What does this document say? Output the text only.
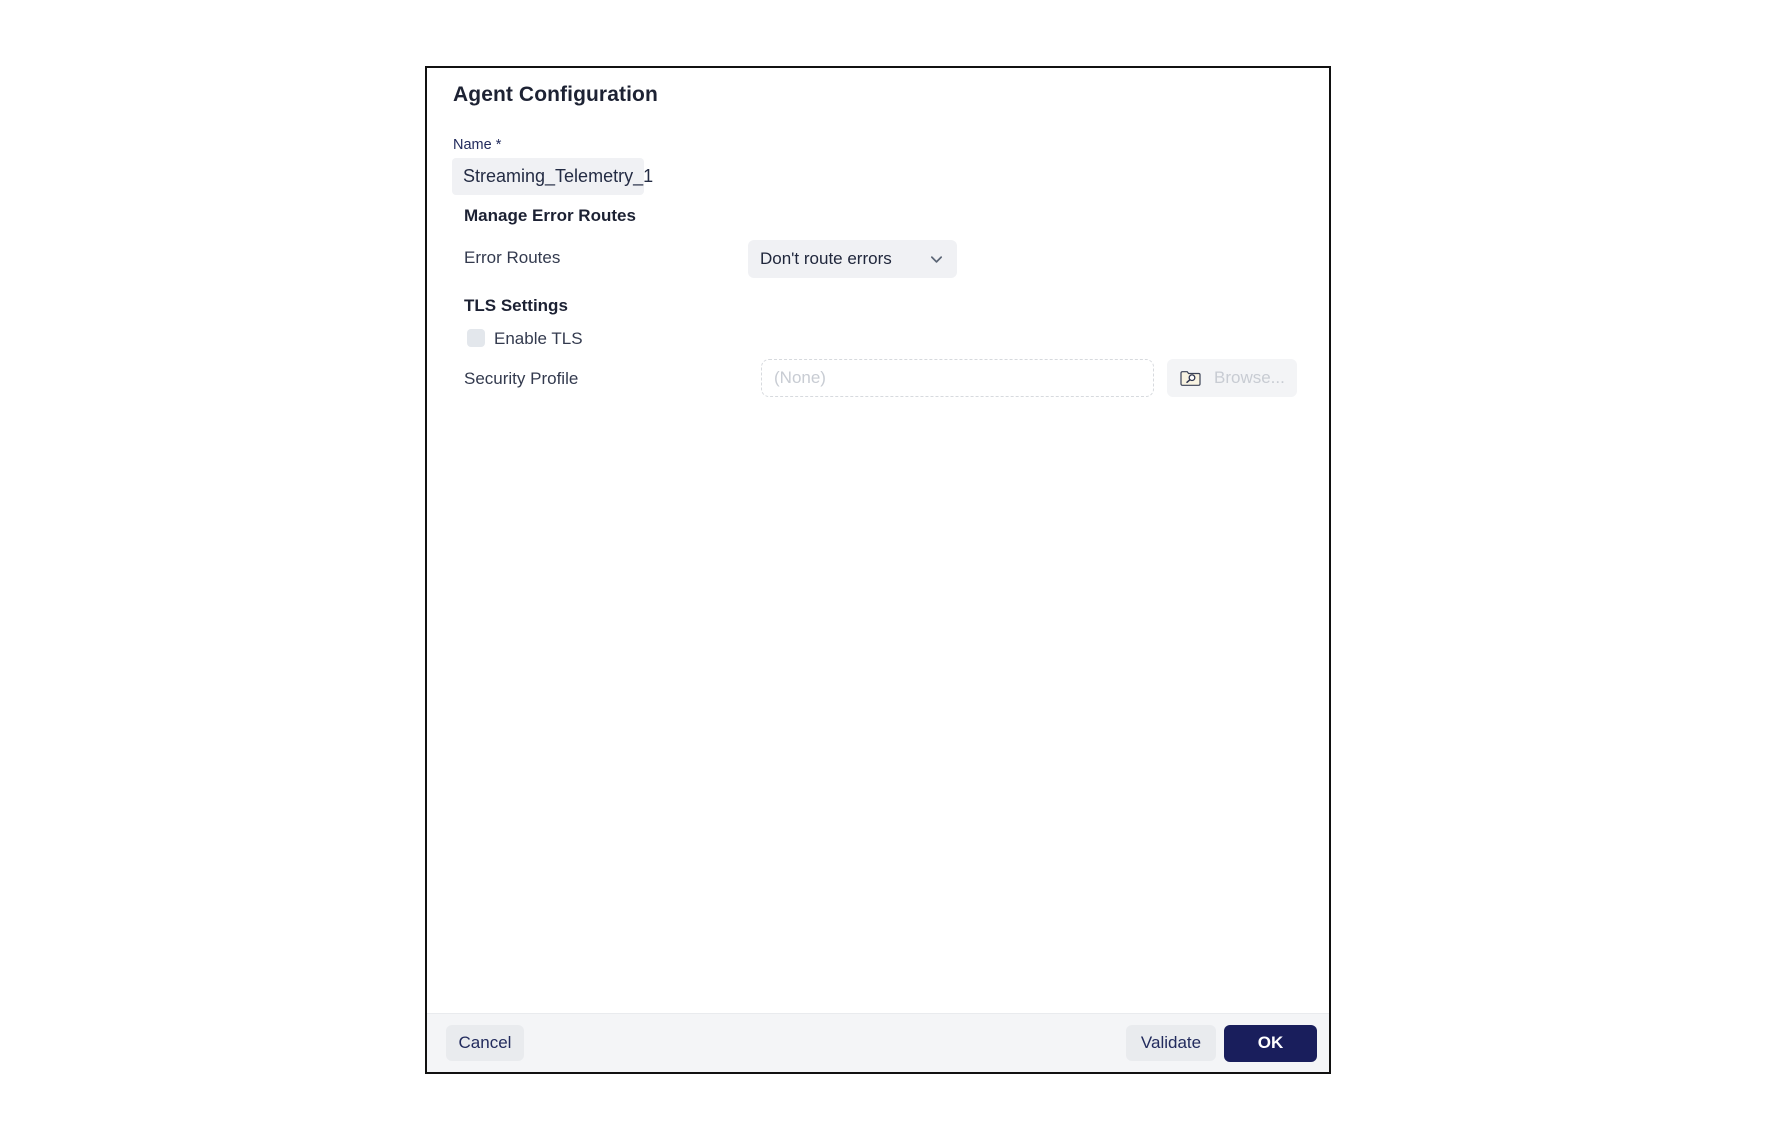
Agent Configuration
Name *
Streaming_Telemetry_1
Manage Error Routes
Error Routes	Don't route errors
TLS Settings
Enable TLS
Security Profile	(None)	Browse...
Cancel	Validate	OK
